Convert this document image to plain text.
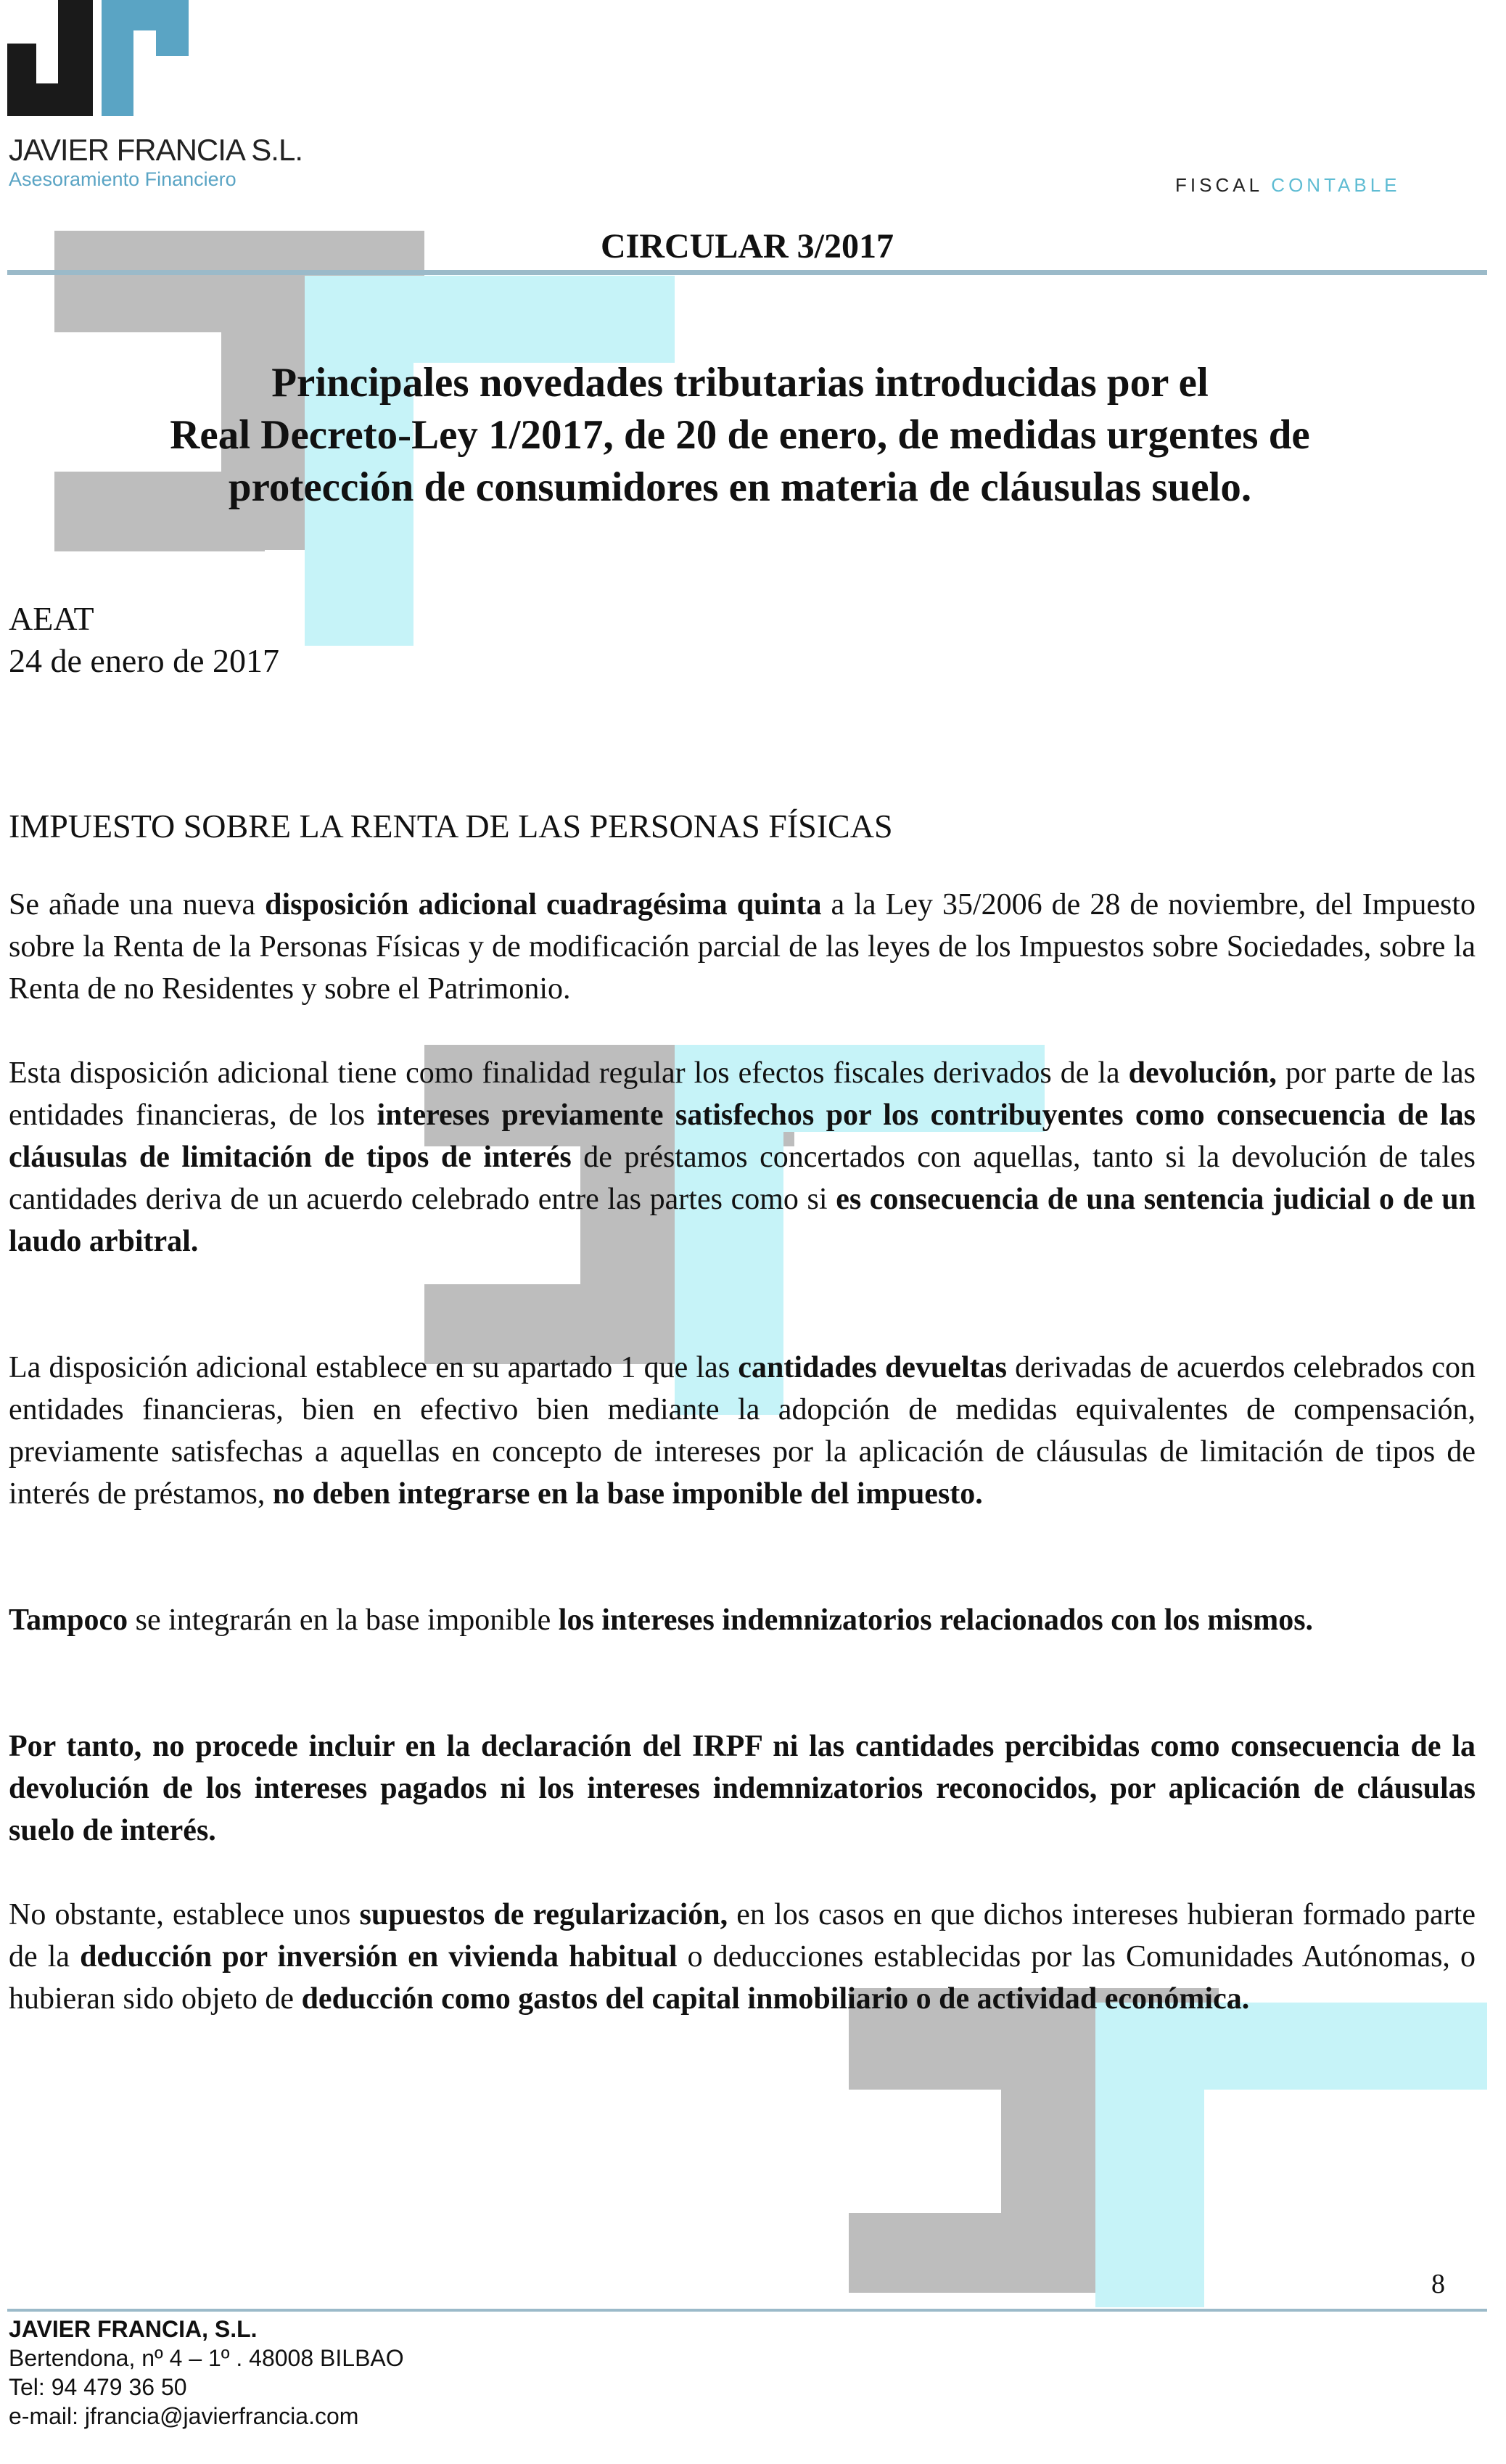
JAVIER FRANCIA S.L.
Asesoramiento Financiero	FISCAL CONTABLE
CIRCULAR 3/2017
Principales novedades tributarias introducidas por el
Real Decreto-Ley 1/2017, de 20 de enero, de medidas urgentes de
protección de consumidores en materia de cláusulas suelo.
AEAT
24 de enero de 2017
IMPUESTO SOBRE LA RENTA DE LAS PERSONAS FÍSICAS
Se añade una nueva disposición adicional cuadragésima quinta a la Ley 35/2006 de 28 de noviembre, del Impuesto sobre la Renta de la Personas Físicas y de modificación parcial de las leyes de los Impuestos sobre Sociedades, sobre la Renta de no Residentes y sobre el Patrimonio.
Esta disposición adicional tiene como finalidad regular los efectos fiscales derivados de la devolución, por parte de las entidades financieras, de los intereses previamente satisfechos por los contribuyentes como consecuencia de las cláusulas de limitación de tipos de interés de préstamos concertados con aquellas, tanto si la devolución de tales cantidades deriva de un acuerdo celebrado entre las partes como si es consecuencia de una sentencia judicial o de un laudo arbitral.
La disposición adicional establece en su apartado 1 que las cantidades devueltas derivadas de acuerdos celebrados con entidades financieras, bien en efectivo bien mediante la adopción de medidas equivalentes de compensación, previamente satisfechas a aquellas en concepto de intereses por la aplicación de cláusulas de limitación de tipos de interés de préstamos, no deben integrarse en la base imponible del impuesto.
Tampoco se integrarán en la base imponible los intereses indemnizatorios relacionados con los mismos.
Por tanto, no procede incluir en la declaración del IRPF ni las cantidades percibidas como consecuencia de la devolución de los intereses pagados ni los intereses indemnizatorios reconocidos, por aplicación de cláusulas suelo de interés.
No obstante, establece unos supuestos de regularización, en los casos en que dichos intereses hubieran formado parte de la deducción por inversión en vivienda habitual o deducciones establecidas por las Comunidades Autónomas, o hubieran sido objeto de deducción como gastos del capital inmobiliario o de actividad económica.
8
JAVIER FRANCIA, S.L.
Bertendona, nº 4 – 1º . 48008 BILBAO
Tel: 94 479 36 50
e-mail: jfrancia@javierfrancia.com
